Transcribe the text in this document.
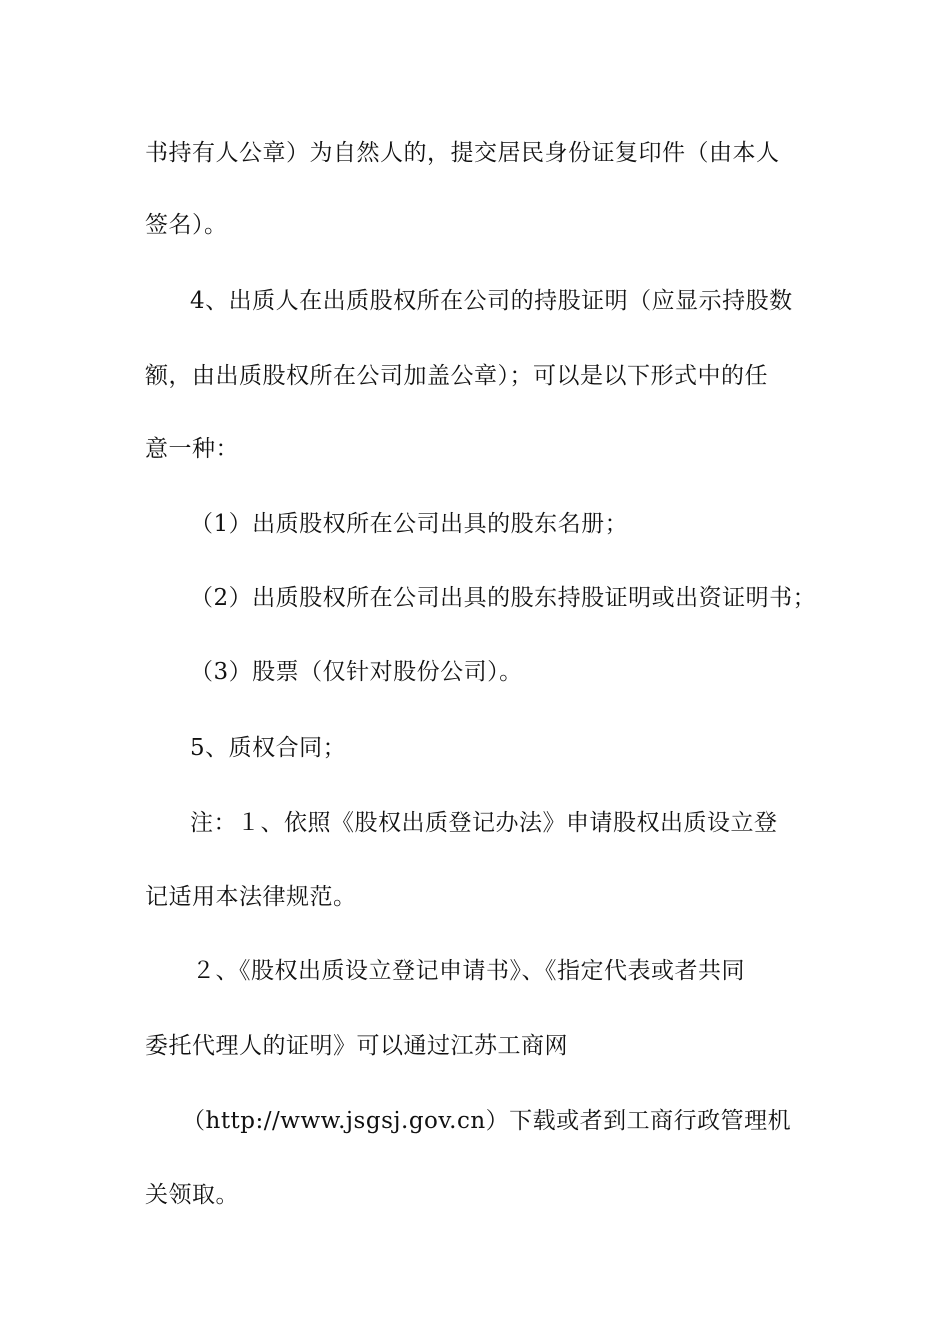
书持有人公章）为自然人的，提交居民身份证复印件（由本人
签名）。
4、出质人在出质股权所在公司的持股证明（应显示持股数
额，由出质股权所在公司加盖公章）；可以是以下形式中的任
意一种：
（1）出质股权所在公司出具的股东名册；
（2）出质股权所在公司出具的股东持股证明或出资证明书；
（3）股票（仅针对股份公司）。
5、质权合同；
注：１、依照《股权出质登记办法》申请股权出质设立登
记适用本法律规范。
２、《股权出质设立登记申请书》、《指定代表或者共同
委托代理人的证明》可以通过江苏工商网
（http://www.jsgsj.gov.cn）下载或者到工商行政管理机
关领取。
